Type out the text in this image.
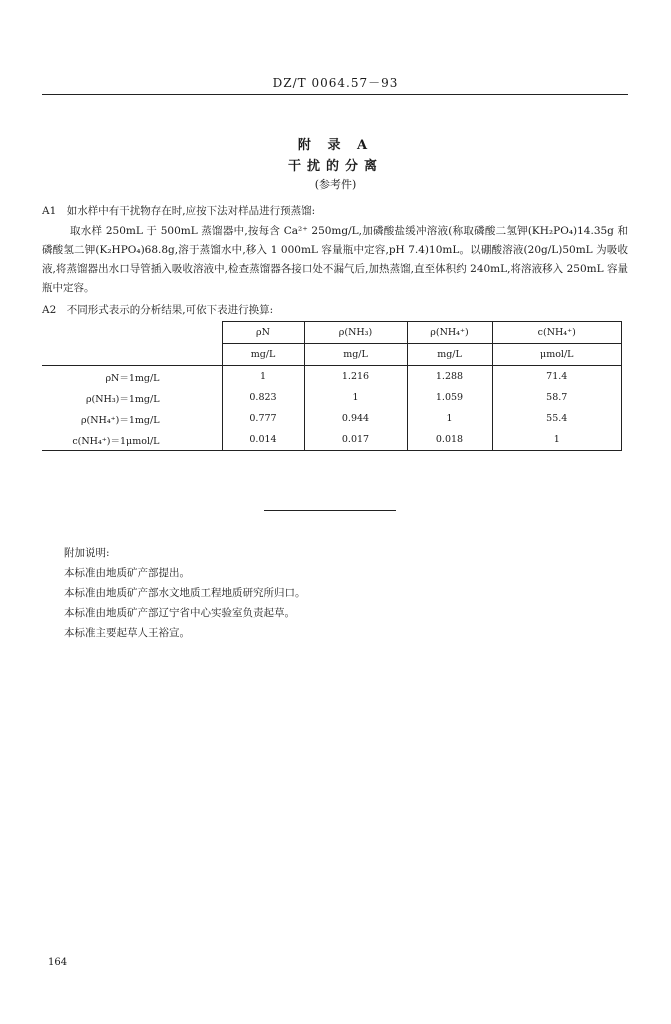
DZ/T 0064.57－93
附 录 A
干扰的分离
(参考件)
A1　如水样中有干扰物存在时,应按下法对样品进行预蒸馏:
取水样 250mL 于 500mL 蒸馏器中,按每含 Ca²⁺ 250mg/L,加磷酸盐缓冲溶液(称取磷酸二氢钾(KH₂PO₄)14.35g 和磷酸氢二钾(K₂HPO₄)68.8g,溶于蒸馏水中,移入 1 000mL 容量瓶中定容,pH 7.4)10mL。以硼酸溶液(20g/L)50mL 为吸收液,将蒸馏器出水口导管插入吸收溶液中,检查蒸馏器各接口处不漏气后,加热蒸馏,直至体积约 240mL,将溶液移入 250mL 容量瓶中定容。
A2　不同形式表示的分析结果,可依下表进行换算:
	ρN	ρ(NH₃)	ρ(NH₄⁺)	c(NH₄⁺)
	mg/L	mg/L	mg/L	μmol/L
ρN＝1mg/L	1	1.216	1.288	71.4
ρ(NH₃)＝1mg/L	0.823	1	1.059	58.7
ρ(NH₄⁺)＝1mg/L	0.777	0.944	1	55.4
c(NH₄⁺)＝1μmol/L	0.014	0.017	0.018	1
附加说明:
本标准由地质矿产部提出。
本标准由地质矿产部水文地质工程地质研究所归口。
本标准由地质矿产部辽宁省中心实验室负责起草。
本标准主要起草人王裕宣。
164
